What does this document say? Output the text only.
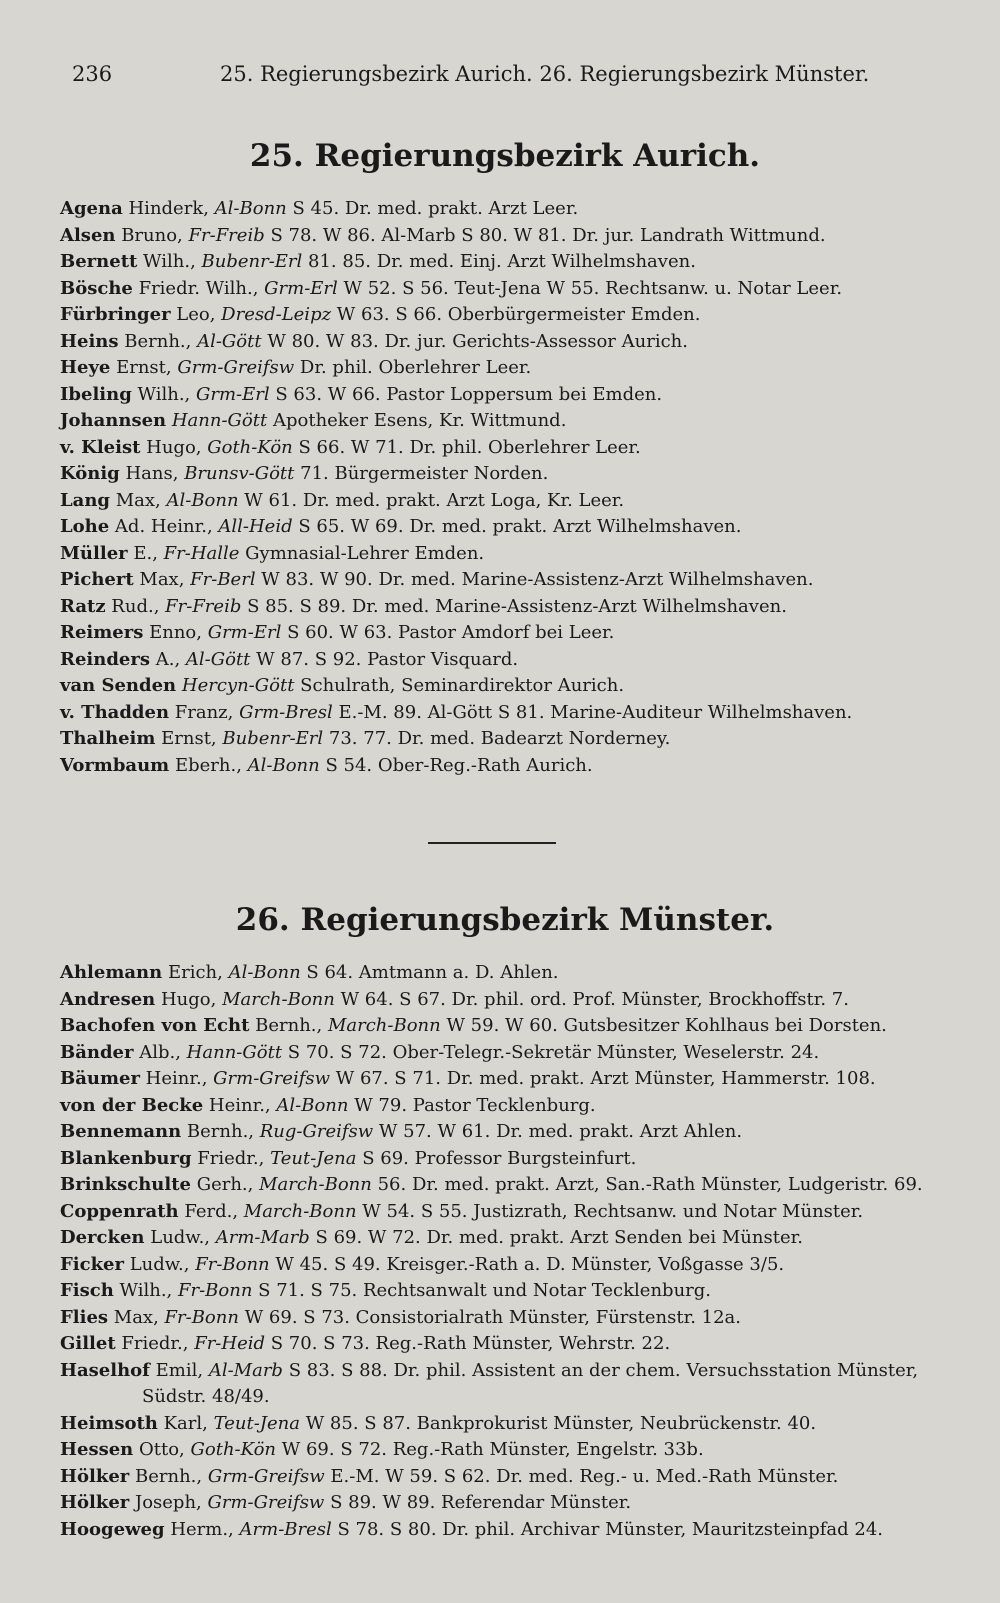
236	25. Regierungsbezirk Aurich. 26. Regierungsbezirk Münster.
25. Regierungsbezirk Aurich.
Agena Hinderk, Al-Bonn S 45. Dr. med. prakt. Arzt Leer.
Alsen Bruno, Fr-Freib S 78. W 86. Al-Marb S 80. W 81. Dr. jur. Landrath Wittmund.
Bernett Wilh., Bubenr-Erl 81. 85. Dr. med. Einj. Arzt Wilhelmshaven.
Bösche Friedr. Wilh., Grm-Erl W 52. S 56. Teut-Jena W 55. Rechtsanw. u. Notar Leer.
Fürbringer Leo, Dresd-Leipz W 63. S 66. Oberbürgermeister Emden.
Heins Bernh., Al-Gött W 80. W 83. Dr. jur. Gerichts-Assessor Aurich.
Heye Ernst, Grm-Greifsw Dr. phil. Oberlehrer Leer.
Ibeling Wilh., Grm-Erl S 63. W 66. Pastor Loppersum bei Emden.
Johannsen Hann-Gött Apotheker Esens, Kr. Wittmund.
v. Kleist Hugo, Goth-Kön S 66. W 71. Dr. phil. Oberlehrer Leer.
König Hans, Brunsv-Gött 71. Bürgermeister Norden.
Lang Max, Al-Bonn W 61. Dr. med. prakt. Arzt Loga, Kr. Leer.
Lohe Ad. Heinr., All-Heid S 65. W 69. Dr. med. prakt. Arzt Wilhelmshaven.
Müller E., Fr-Halle Gymnasial-Lehrer Emden.
Pichert Max, Fr-Berl W 83. W 90. Dr. med. Marine-Assistenz-Arzt Wilhelmshaven.
Ratz Rud., Fr-Freib S 85. S 89. Dr. med. Marine-Assistenz-Arzt Wilhelmshaven.
Reimers Enno, Grm-Erl S 60. W 63. Pastor Amdorf bei Leer.
Reinders A., Al-Gött W 87. S 92. Pastor Visquard.
van Senden Hercyn-Gött Schulrath, Seminardirektor Aurich.
v. Thadden Franz, Grm-Bresl E.-M. 89. Al-Gött S 81. Marine-Auditeur Wilhelmshaven.
Thalheim Ernst, Bubenr-Erl 73. 77. Dr. med. Badearzt Norderney.
Vormbaum Eberh., Al-Bonn S 54. Ober-Reg.-Rath Aurich.
26. Regierungsbezirk Münster.
Ahlemann Erich, Al-Bonn S 64. Amtmann a. D. Ahlen.
Andresen Hugo, March-Bonn W 64. S 67. Dr. phil. ord. Prof. Münster, Brockhoffstr. 7.
Bachofen von Echt Bernh., March-Bonn W 59. W 60. Gutsbesitzer Kohlhaus bei Dorsten.
Bänder Alb., Hann-Gött S 70. S 72. Ober-Telegr.-Sekretär Münster, Weselerstr. 24.
Bäumer Heinr., Grm-Greifsw W 67. S 71. Dr. med. prakt. Arzt Münster, Hammerstr. 108.
von der Becke Heinr., Al-Bonn W 79. Pastor Tecklenburg.
Bennemann Bernh., Rug-Greifsw W 57. W 61. Dr. med. prakt. Arzt Ahlen.
Blankenburg Friedr., Teut-Jena S 69. Professor Burgsteinfurt.
Brinkschulte Gerh., March-Bonn 56. Dr. med. prakt. Arzt, San.-Rath Münster, Ludgeristr. 69.
Coppenrath Ferd., March-Bonn W 54. S 55. Justizrath, Rechtsanw. und Notar Münster.
Dercken Ludw., Arm-Marb S 69. W 72. Dr. med. prakt. Arzt Senden bei Münster.
Ficker Ludw., Fr-Bonn W 45. S 49. Kreisger.-Rath a. D. Münster, Voßgasse 3/5.
Fisch Wilh., Fr-Bonn S 71. S 75. Rechtsanwalt und Notar Tecklenburg.
Flies Max, Fr-Bonn W 69. S 73. Consistorialrath Münster, Fürstenstr. 12a.
Gillet Friedr., Fr-Heid S 70. S 73. Reg.-Rath Münster, Wehrstr. 22.
Haselhof Emil, Al-Marb S 83. S 88. Dr. phil. Assistent an der chem. Versuchsstation Münster, Südstr. 48/49.
Heimsoth Karl, Teut-Jena W 85. S 87. Bankprokurist Münster, Neubrückenstr. 40.
Hessen Otto, Goth-Kön W 69. S 72. Reg.-Rath Münster, Engelstr. 33b.
Hölker Bernh., Grm-Greifsw E.-M. W 59. S 62. Dr. med. Reg.- u. Med.-Rath Münster.
Hölker Joseph, Grm-Greifsw S 89. W 89. Referendar Münster.
Hoogeweg Herm., Arm-Bresl S 78. S 80. Dr. phil. Archivar Münster, Mauritzsteinpfad 24.
